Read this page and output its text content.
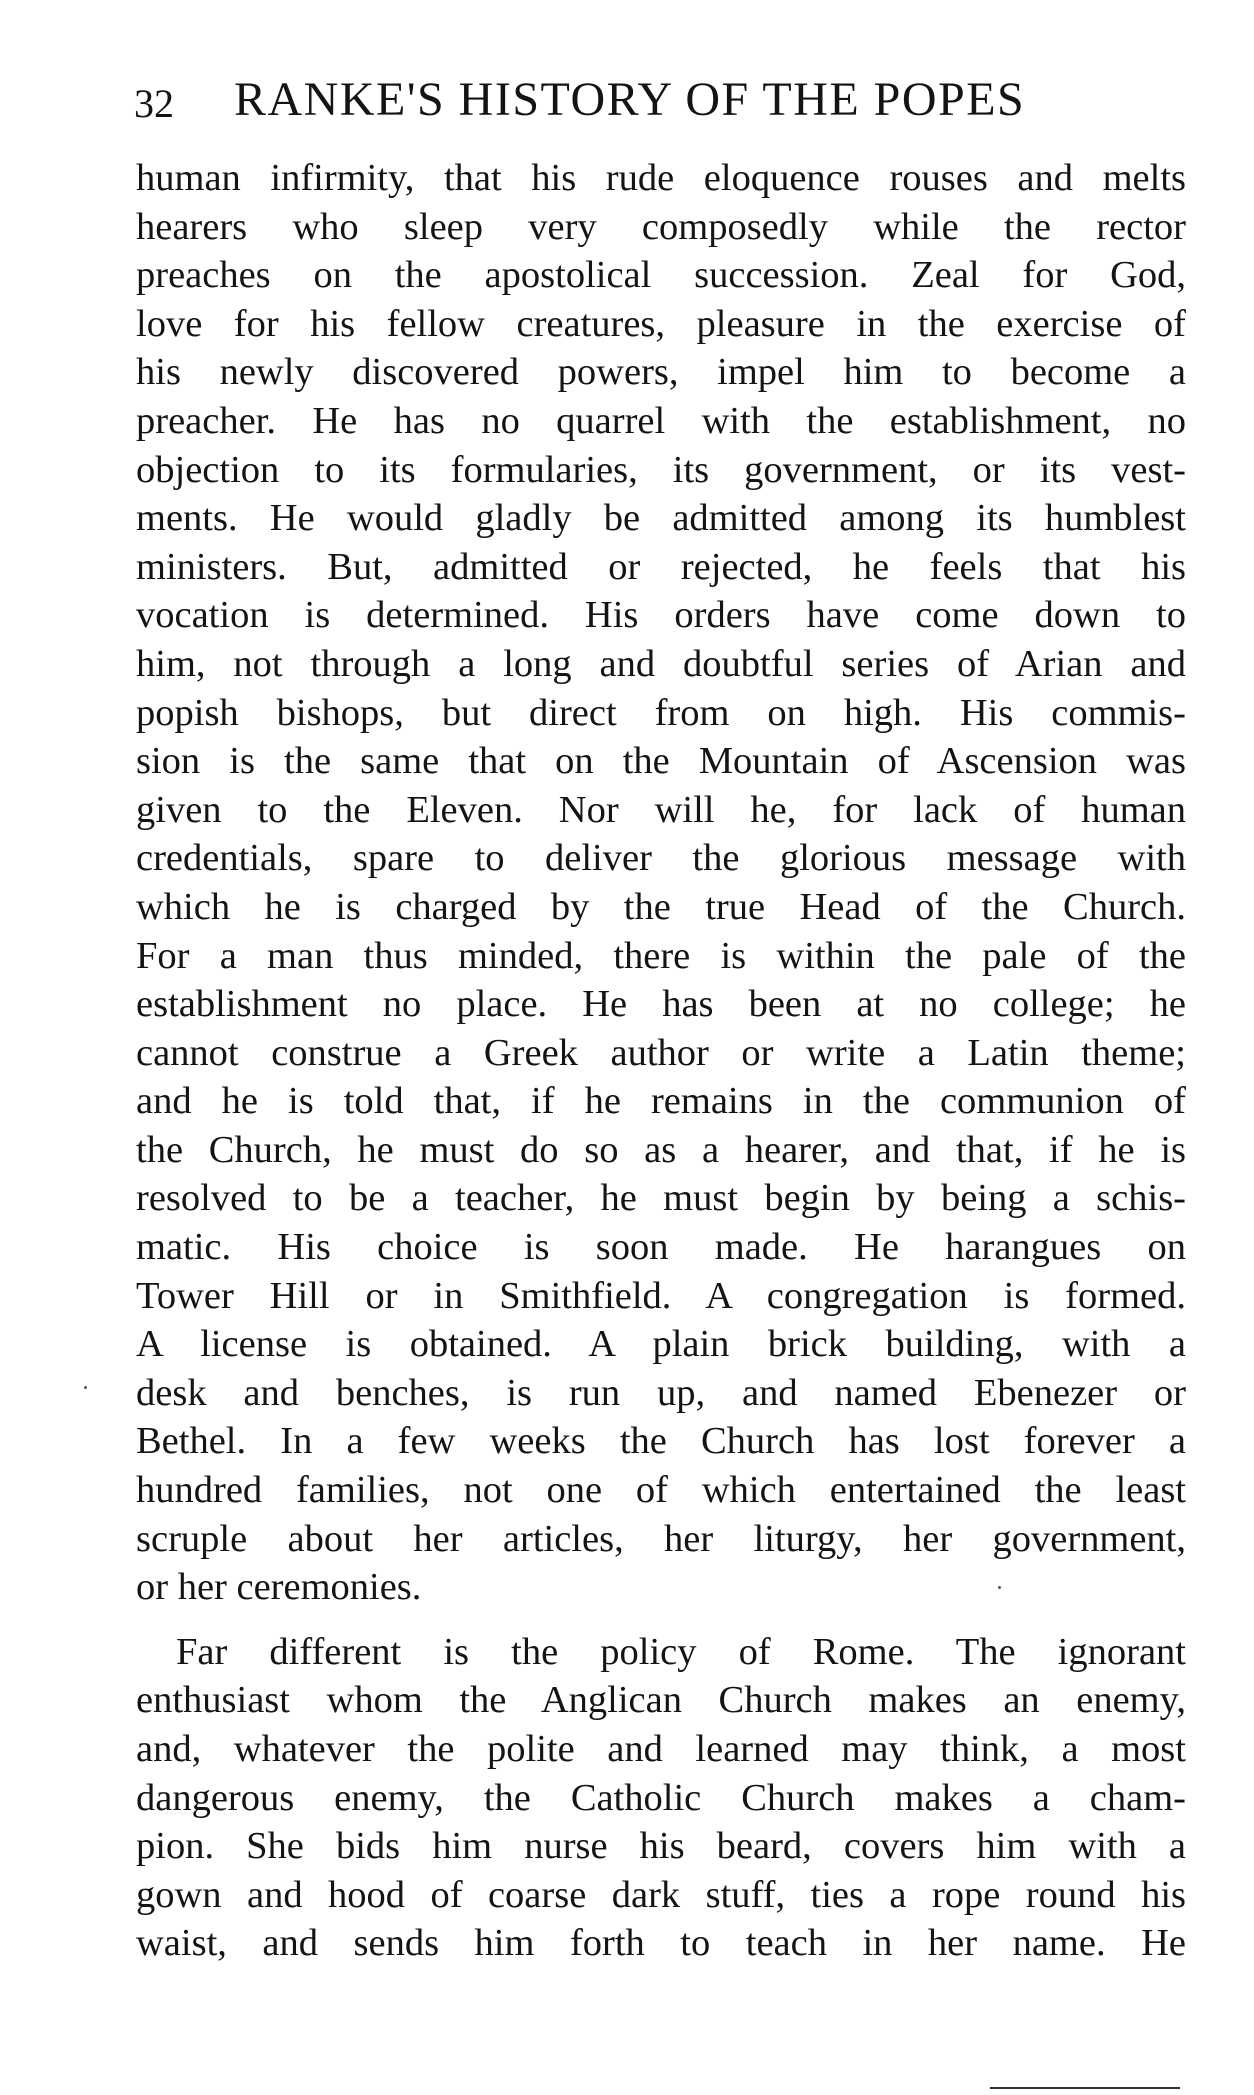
32 RANKE'S HISTORY OF THE POPES
human infirmity, that his rude eloquence rouses and melts
hearers who sleep very composedly while the rector
preaches on the apostolical succession. Zeal for God,
love for his fellow creatures, pleasure in the exercise of
his newly discovered powers, impel him to become a
preacher. He has no quarrel with the establishment, no
objection to its formularies, its government, or its vest-
ments. He would gladly be admitted among its humblest
ministers. But, admitted or rejected, he feels that his
vocation is determined. His orders have come down to
him, not through a long and doubtful series of Arian and
popish bishops, but direct from on high. His commis-
sion is the same that on the Mountain of Ascension was
given to the Eleven. Nor will he, for lack of human
credentials, spare to deliver the glorious message with
which he is charged by the true Head of the Church.
For a man thus minded, there is within the pale of the
establishment no place. He has been at no college; he
cannot construe a Greek author or write a Latin theme;
and he is told that, if he remains in the communion of
the Church, he must do so as a hearer, and that, if he is
resolved to be a teacher, he must begin by being a schis-
matic. His choice is soon made. He harangues on
Tower Hill or in Smithfield. A congregation is formed.
A license is obtained. A plain brick building, with a
desk and benches, is run up, and named Ebenezer or
Bethel. In a few weeks the Church has lost forever a
hundred families, not one of which entertained the least
scruple about her articles, her liturgy, her government,
or her ceremonies.
Far different is the policy of Rome. The ignorant
enthusiast whom the Anglican Church makes an enemy,
and, whatever the polite and learned may think, a most
dangerous enemy, the Catholic Church makes a cham-
pion. She bids him nurse his beard, covers him with a
gown and hood of coarse dark stuff, ties a rope round his
waist, and sends him forth to teach in her name. He
